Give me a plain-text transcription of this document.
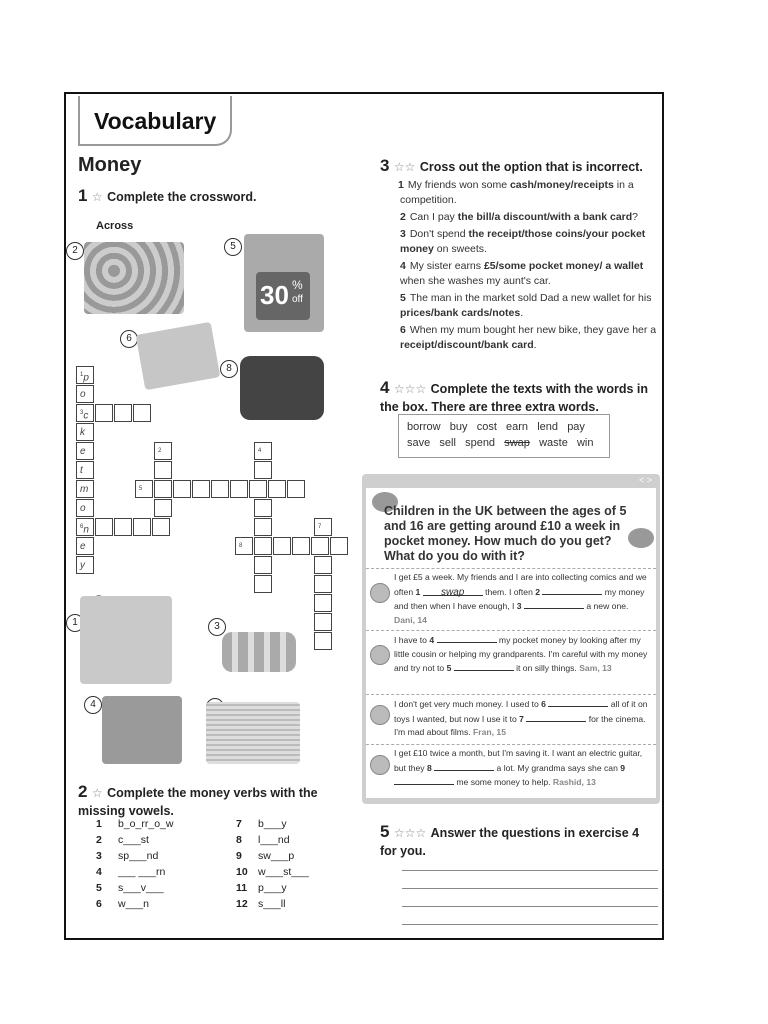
Vocabulary
Money
1 ☆ Complete the crossword.
Across
2	5
30 %
off
6
8
$^1$p
o
$^3$c
k
e
t
m
o
$^6$n
e
y
$^2$
$^5$
$^4$
$^8$
$^7$
1	3
4
2 ☆ Complete the money verbs with the missing vowels.
1	b_o_rr_o_w	7	b___y
2	c___st	8	l___nd
3	sp___nd	9	sw___p
4	___ ___rn	10	w___st___
5	s___v___	11	p___y
6	w___n	12	s___ll
3 ☆☆ Cross out the option that is incorrect.
1 My friends won some cash/money/receipts in a competition.
2 Can I pay the bill/a discount/with a bank card?
3 Don't spend the receipt/those coins/your pocket money on sweets.
4 My sister earns £5/some pocket money/ a wallet when she washes my aunt's car.
5 The man in the market sold Dad a new wallet for his prices/bank cards/notes.
6 When my mum bought her new bike, they gave her a receipt/discount/bank card.
4 ☆☆☆ Complete the texts with the words in the box. There are three extra words.
borrow   buy   cost   earn   lend   pay
save   sell   spend   swap   waste   win
< >
Children in the UK between the ages of 5 and 16 are getting around £10 a week in pocket money. How much do you get? What do you do with it?
I get £5 a week. My friends and I are into collecting comics and we often 1 swap them. I often 2	my money and then when I have enough, I 3	a new one. Dani, 14
I have to 4	my pocket money by looking after my little cousin or helping my grandparents. I'm careful with my money and try not to 5	it on silly things. Sam, 13
I don't get very much money. I used to 6	all of it on toys I wanted, but now I use it to 7	for the cinema. I'm mad about films. Fran, 15
I get £10 twice a month, but I'm saving it. I want an electric guitar, but they 8	a lot. My grandma says she can 9  me some money to help. Rashid, 13
5 ☆☆☆ Answer the questions in exercise 4 for you.
